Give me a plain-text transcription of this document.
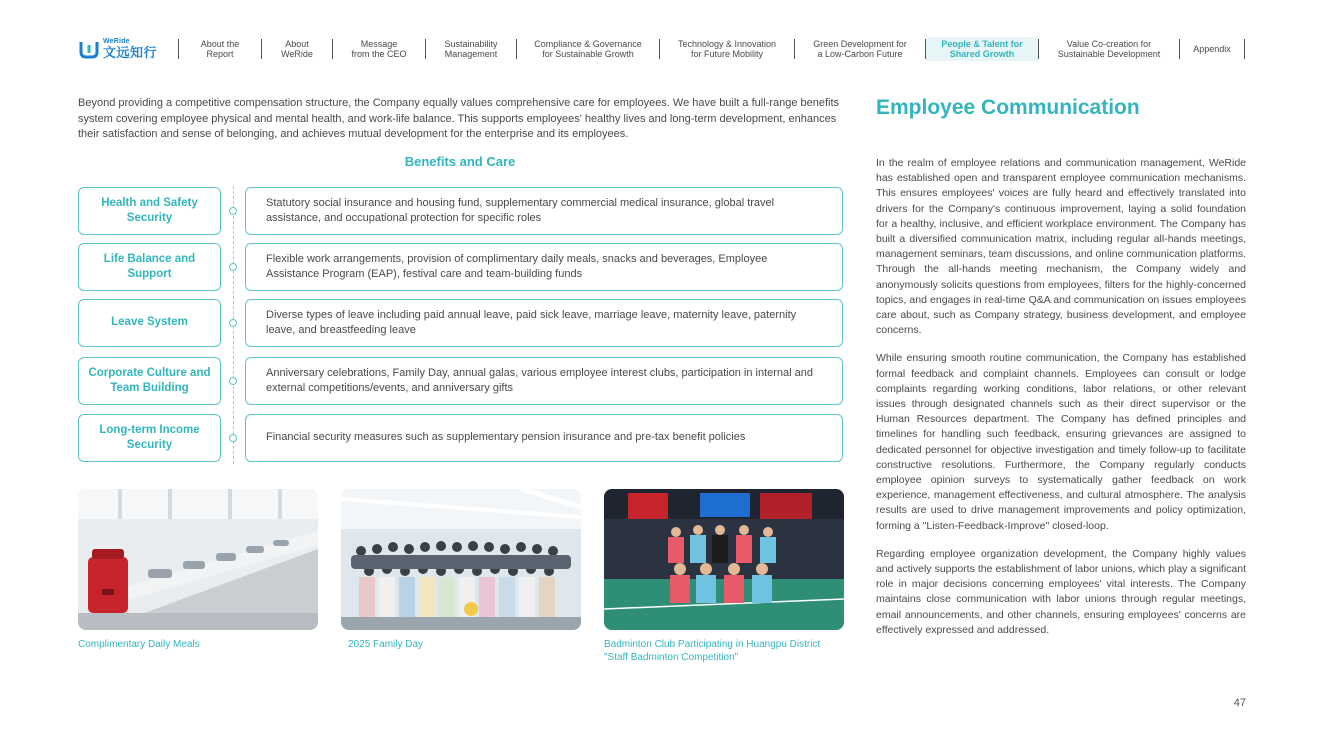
WeRide
文远知行
About the
Report
About
WeRide
Message
from the CEO
Sustainability
Management
Compliance & Governance
for Sustainable Growth
Technology & Innovation
for Future Mobility
Green Development for
a Low-Carbon Future
People & Talent for
Shared Growth
Value Co-creation for
Sustainable Development	Appendix

Beyond providing a competitive compensation structure, the Company equally values comprehensive care for employees. We have built a full-range benefits system covering employee physical and mental health, and work-life balance. This supports employees' healthy lives and long-term development, enhances their satisfaction and sense of belonging, and achieves mutual development for the enterprise and its employees.

Benefits and Care
Health and Safety Security
Statutory social insurance and housing fund, supplementary commercial medical insurance, global travel assistance, and occupational protection for specific roles
Life Balance and Support
Flexible work arrangements, provision of complimentary daily meals, snacks and beverages, Employee Assistance Program (EAP), festival care and team-building funds
Leave System
Diverse types of leave including paid annual leave, paid sick leave, marriage leave, maternity leave, paternity leave, and breastfeeding leave
Corporate Culture and Team Building
Anniversary celebrations, Family Day, annual galas, various employee interest clubs, participation in internal and external competitions/events, and anniversary gifts
Long-term Income Security
Financial security measures such as supplementary pension insurance and pre-tax benefit policies
Complimentary Daily Meals	2025 Family Day	Badminton Club Participating in Huangpu District "Staff Badminton Competition"
Employee Communication

In the realm of employee relations and communication management, WeRide has established open and transparent employee communication mechanisms. This ensures employees' voices are fully heard and effectively translated into drivers for the Company's continuous improvement, laying a solid foundation for a healthy, inclusive, and efficient workplace environment. The Company has built a diversified communication matrix, including regular all-hands meetings, management seminars, team discussions, and online communication platforms. Through the all-hands meeting mechanism, the Company widely and anonymously solicits questions from employees, filters for the highly-concerned topics, and engages in real-time Q&A and communication on issues employees care about, such as Company strategy, business development, and employee concerns.

While ensuring smooth routine communication, the Company has established formal feedback and complaint channels. Employees can consult or lodge complaints regarding working conditions, labor relations, or other relevant issues through designated channels such as their direct supervisor or the Human Resources department. The Company has defined principles and timelines for handling such feedback, ensuring grievances are assigned to dedicated personnel for objective investigation and timely follow-up to facilitate constructive resolutions. Furthermore, the Company regularly conducts employee opinion surveys to systematically gather feedback on work experience, management effectiveness, and cultural atmosphere. The analysis results are used to drive management improvements and policy optimization, forming a "Listen-Feedback-Improve" closed-loop.

Regarding employee organization development, the Company highly values and actively supports the establishment of labor unions, which play a significant role in major decisions concerning employees' vital interests. The Company maintains close communication with labor unions through regular meetings, email announcements, and other channels, ensuring employees' concerns are effectively expressed and addressed.

47
